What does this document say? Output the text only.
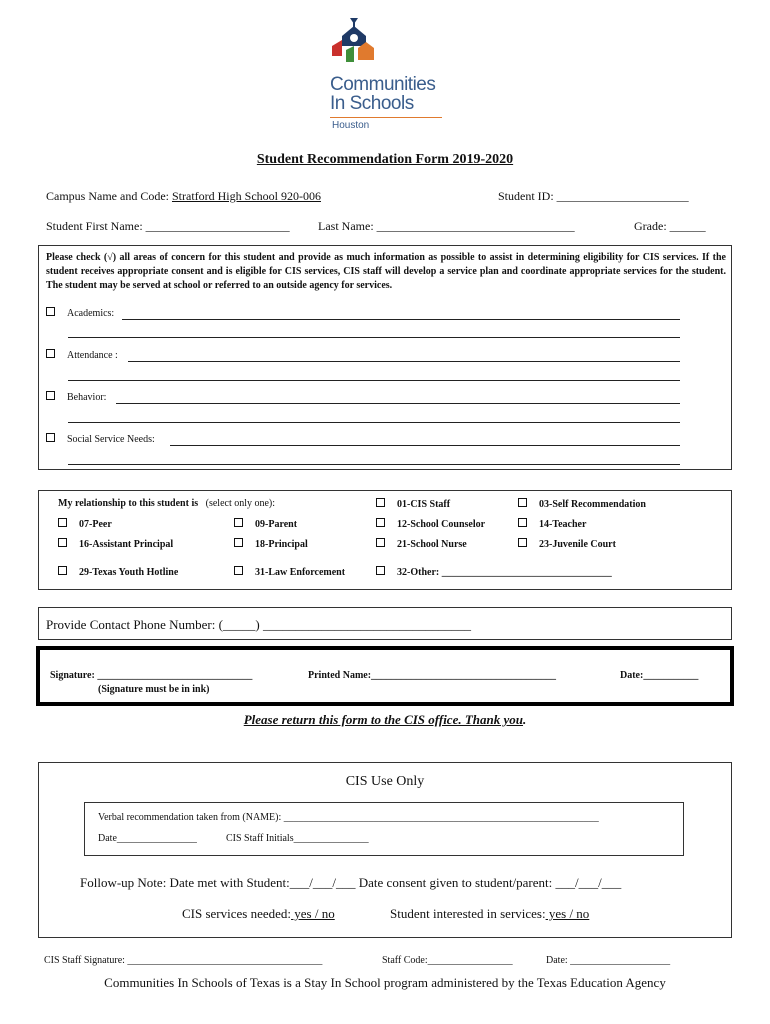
Communities
In Schools
Houston
Student Recommendation Form 2019-2020
Campus Name and Code: Stratford High School 920-006	Student ID: ______________________
Student First Name: ________________________ Last Name: _________________________________	Grade: ______
Please check (√) all areas of concern for this student and provide as much information as possible to assist in determining eligibility for CIS services. If the student receives appropriate consent and is eligible for CIS services, CIS staff will develop a service plan and coordinate appropriate services for the student. The student may be served at school or referred to an outside agency for services.
Academics:
Attendance :
Behavior:
Social Service Needs:
My relationship to this student is (select only one):	01-CIS Staff	03-Self Recommendation
07-Peer	09-Parent	12-School Counselor	14-Teacher
16-Assistant Principal	18-Principal	21-School Nurse	23-Juvenile Court
29-Texas Youth Hotline	31-Law Enforcement	32-Other: __________________________________
Provide Contact Phone Number: (_____) ________________________________
Signature: _______________________________
(Signature must be in ink)
Printed Name:_____________________________________	Date:___________
Please return this form to the CIS office. Thank you.
CIS Use Only
Verbal recommendation taken from (NAME): _______________________________________________________________
Date________________	CIS Staff Initials_______________
Follow-up Note: Date met with Student:___/___/___ Date consent given to student/parent: ___/___/___
CIS services needed: yes / no	Student interested in services: yes / no
CIS Staff Signature: _______________________________________	Staff Code:_________________	Date: ____________________
Communities In Schools of Texas is a Stay In School program administered by the Texas Education Agency
